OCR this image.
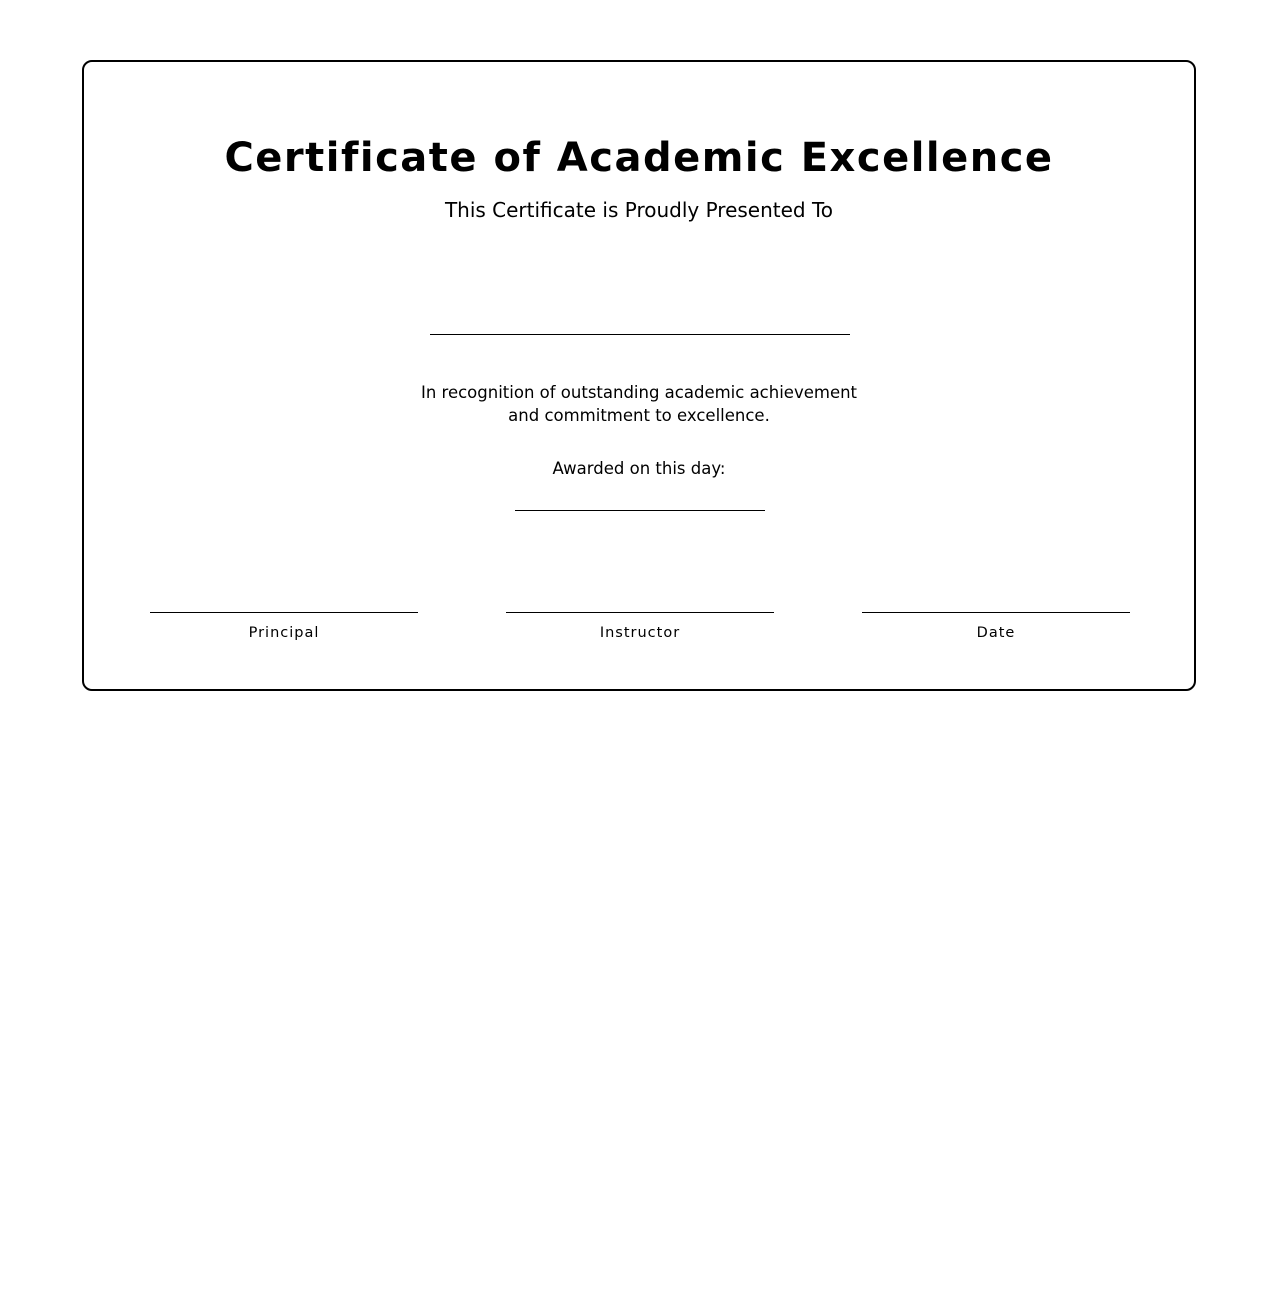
Certificate of Academic Excellence
This Certificate is Proudly Presented To
In recognition of outstanding academic achievement
and commitment to excellence.
Awarded on this day:
Principal	Instructor	Date
